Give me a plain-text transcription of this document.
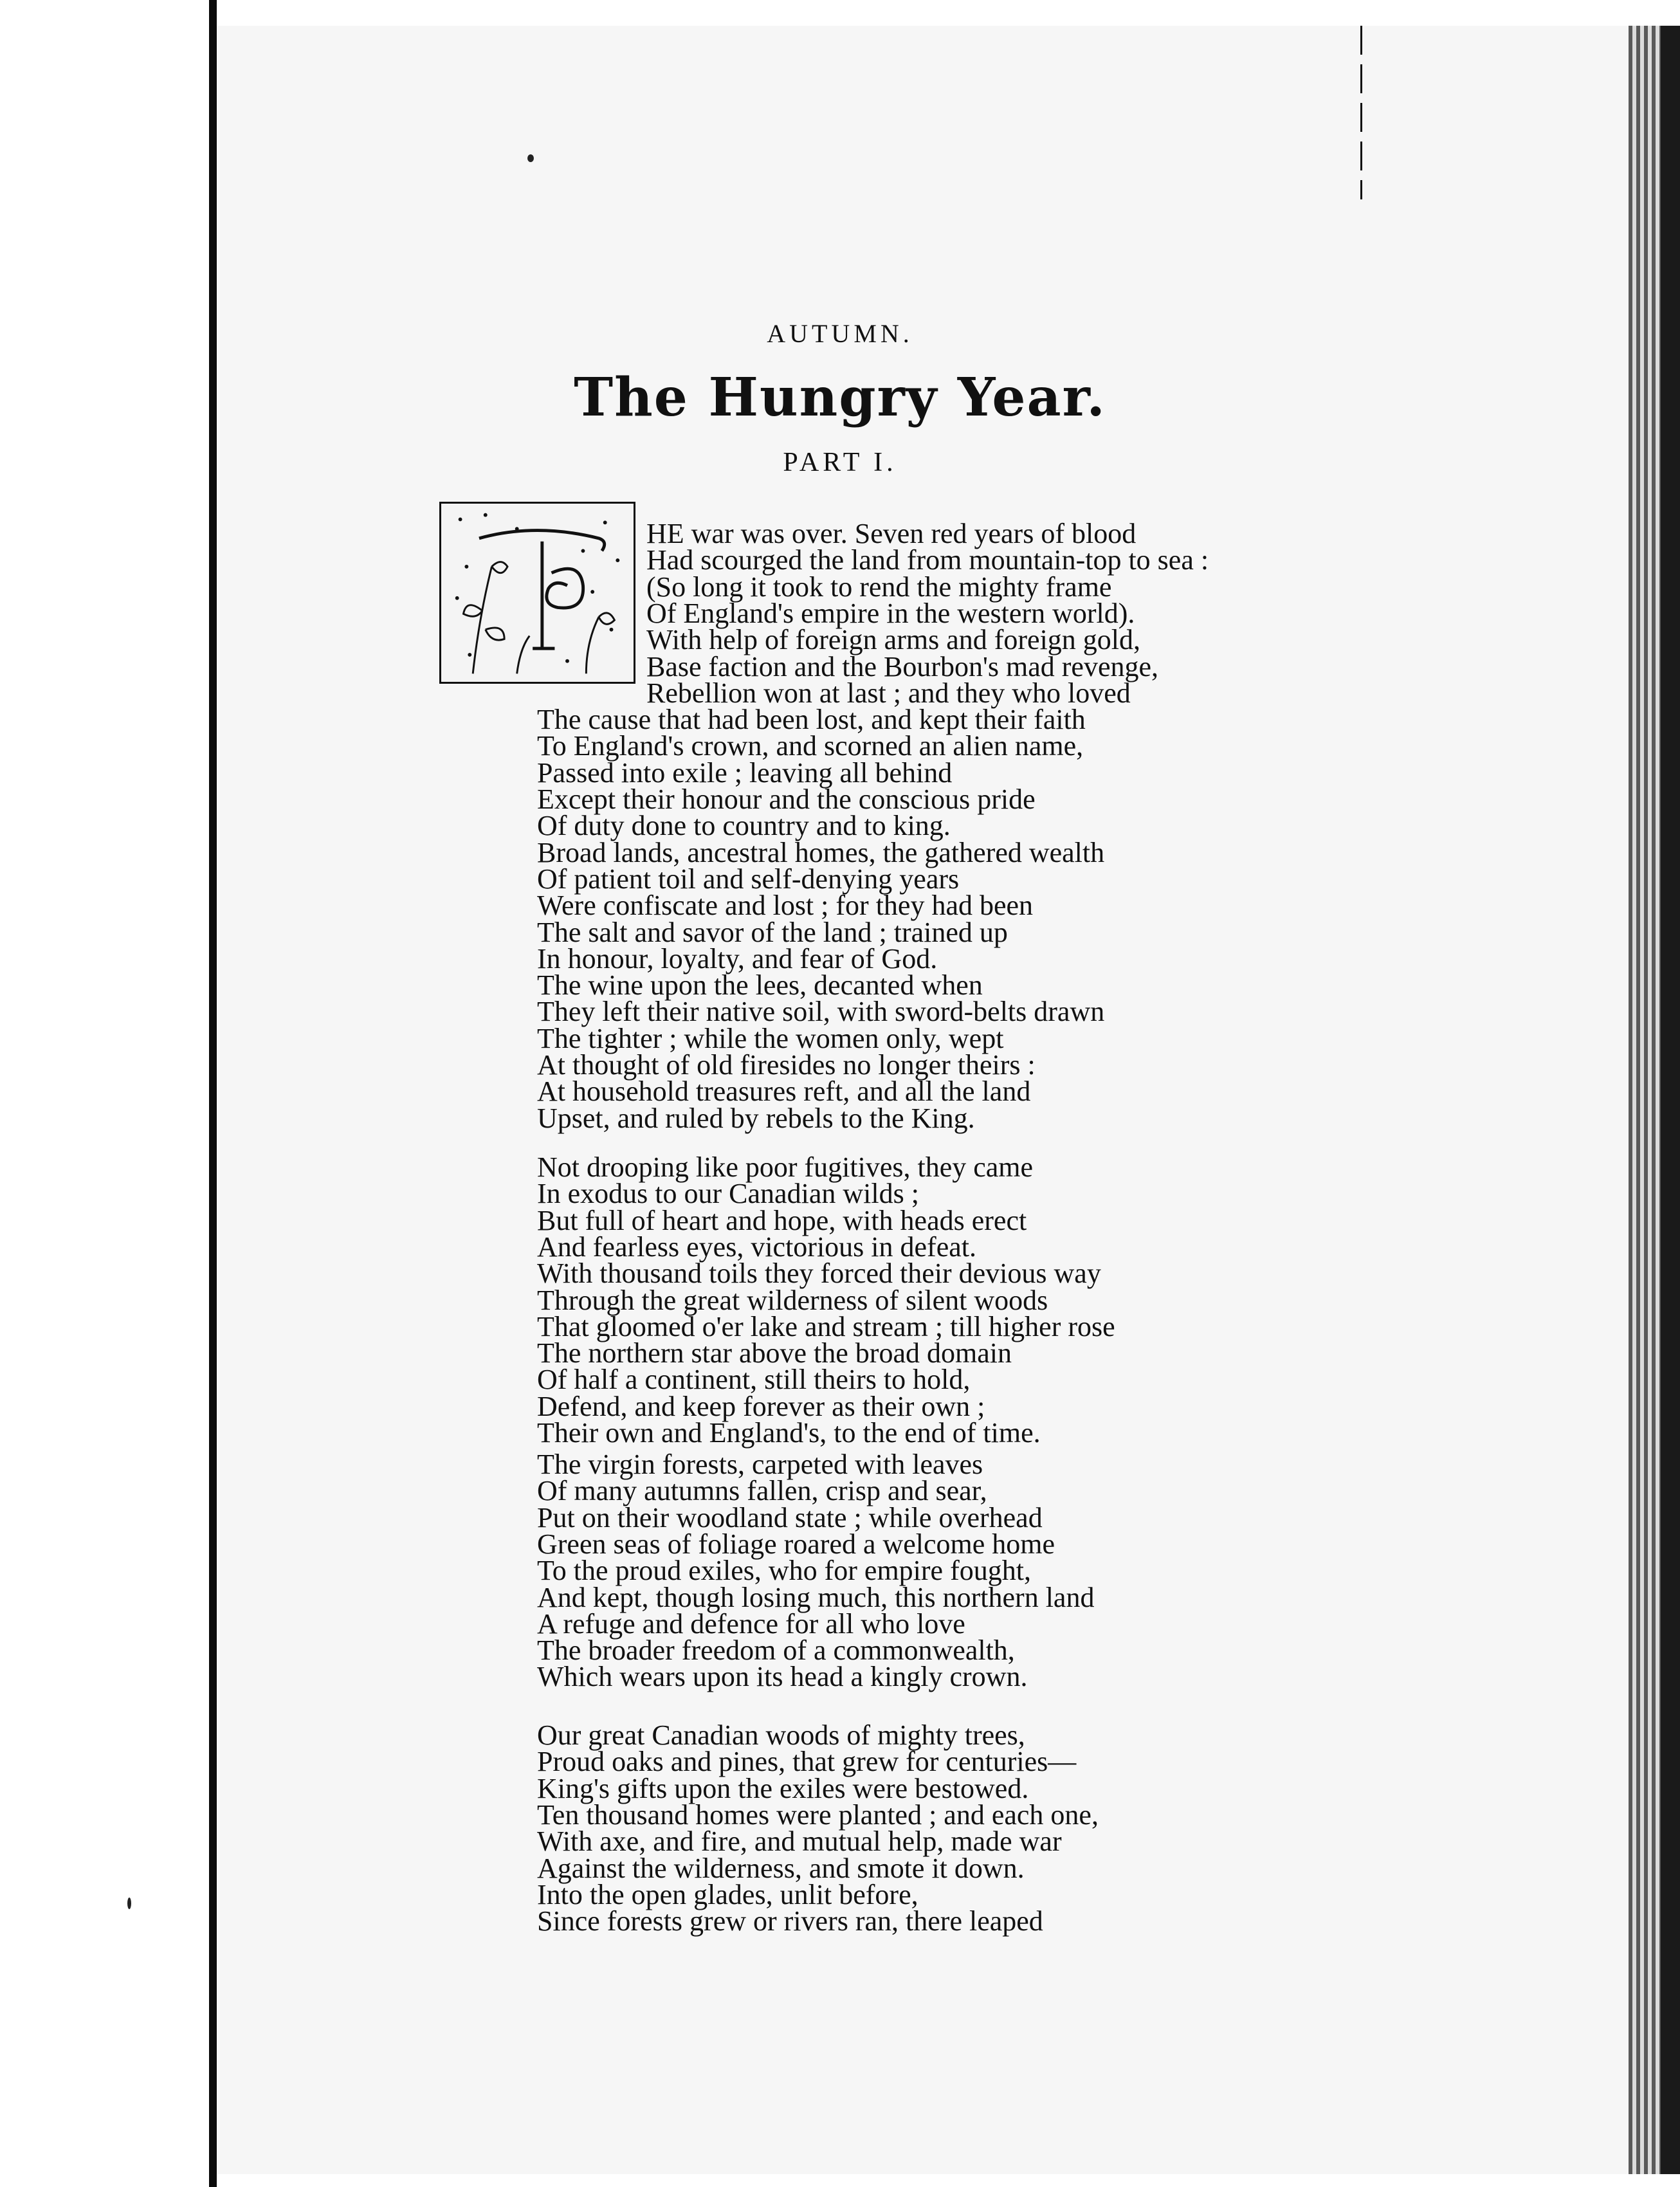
AUTUMN.
The Hungry Year.
PART I.
HE war was over. Seven red years of blood
Had scourged the land from mountain-top to sea :
(So long it took to rend the mighty frame
Of England's empire in the western world).
With help of foreign arms and foreign gold,
Base faction and the Bourbon's mad revenge,
Rebellion won at last ; and they who loved
The cause that had been lost, and kept their faith
To England's crown, and scorned an alien name,
Passed into exile ; leaving all behind
Except their honour and the conscious pride
Of duty done to country and to king.
Broad lands, ancestral homes, the gathered wealth
Of patient toil and self-denying years
Were confiscate and lost ; for they had been
The salt and savor of the land ; trained up
In honour, loyalty, and fear of God.
The wine upon the lees, decanted when
They left their native soil, with sword-belts drawn
The tighter ; while the women only, wept
At thought of old firesides no longer theirs :
At household treasures reft, and all the land
Upset, and ruled by rebels to the King.
Not drooping like poor fugitives, they came
In exodus to our Canadian wilds ;
But full of heart and hope, with heads erect
And fearless eyes, victorious in defeat.
With thousand toils they forced their devious way
Through the great wilderness of silent woods
That gloomed o'er lake and stream ; till higher rose
The northern star above the broad domain
Of half a continent, still theirs to hold,
Defend, and keep forever as their own ;
Their own and England's, to the end of time.
The virgin forests, carpeted with leaves
Of many autumns fallen, crisp and sear,
Put on their woodland state ; while overhead
Green seas of foliage roared a welcome home
To the proud exiles, who for empire fought,
And kept, though losing much, this northern land
A refuge and defence for all who love
The broader freedom of a commonwealth,
Which wears upon its head a kingly crown.
Our great Canadian woods of mighty trees,
Proud oaks and pines, that grew for centuries—
King's gifts upon the exiles were bestowed.
Ten thousand homes were planted ; and each one,
With axe, and fire, and mutual help, made war
Against the wilderness, and smote it down.
Into the open glades, unlit before,
Since forests grew or rivers ran, there leaped
